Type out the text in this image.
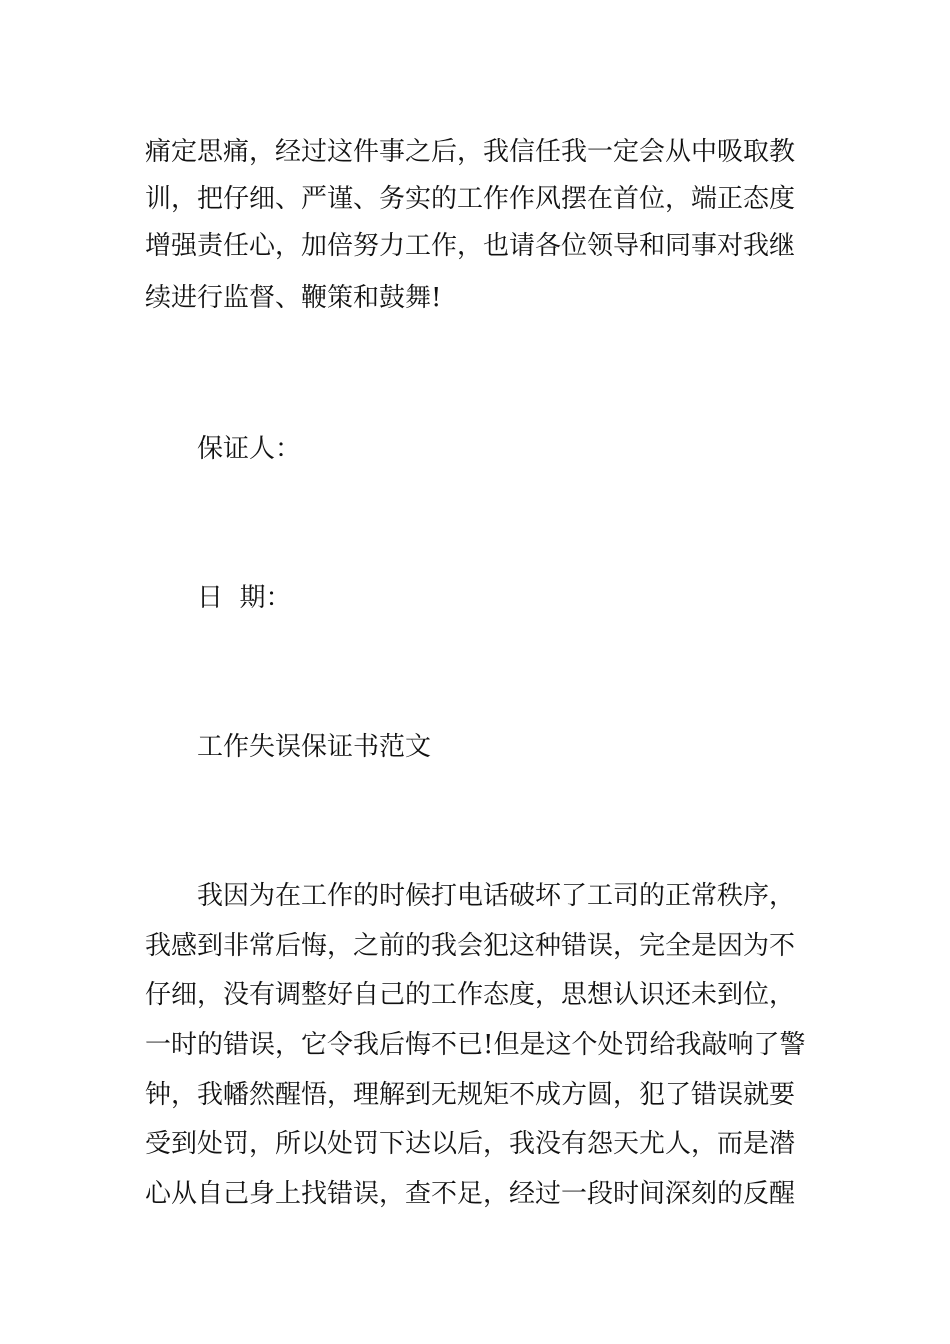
痛定思痛，经过这件事之后，我信任我一定会从中吸取教
训，把仔细、严谨、务实的工作作风摆在首位，端正态度
增强责任心，加倍努力工作，也请各位领导和同事对我继
续进行监督、鞭策和鼓舞!
保证人：
日  期：
工作失误保证书范文
我因为在工作的时候打电话破坏了工司的正常秩序，
我感到非常后悔，之前的我会犯这种错误，完全是因为不
仔细，没有调整好自己的工作态度，思想认识还未到位，
一时的错误，它令我后悔不已!但是这个处罚给我敲响了警
钟，我幡然醒悟，理解到无规矩不成方圆，犯了错误就要
受到处罚，所以处罚下达以后，我没有怨天尤人，而是潜
心从自己身上找错误，查不足，经过一段时间深刻的反醒
